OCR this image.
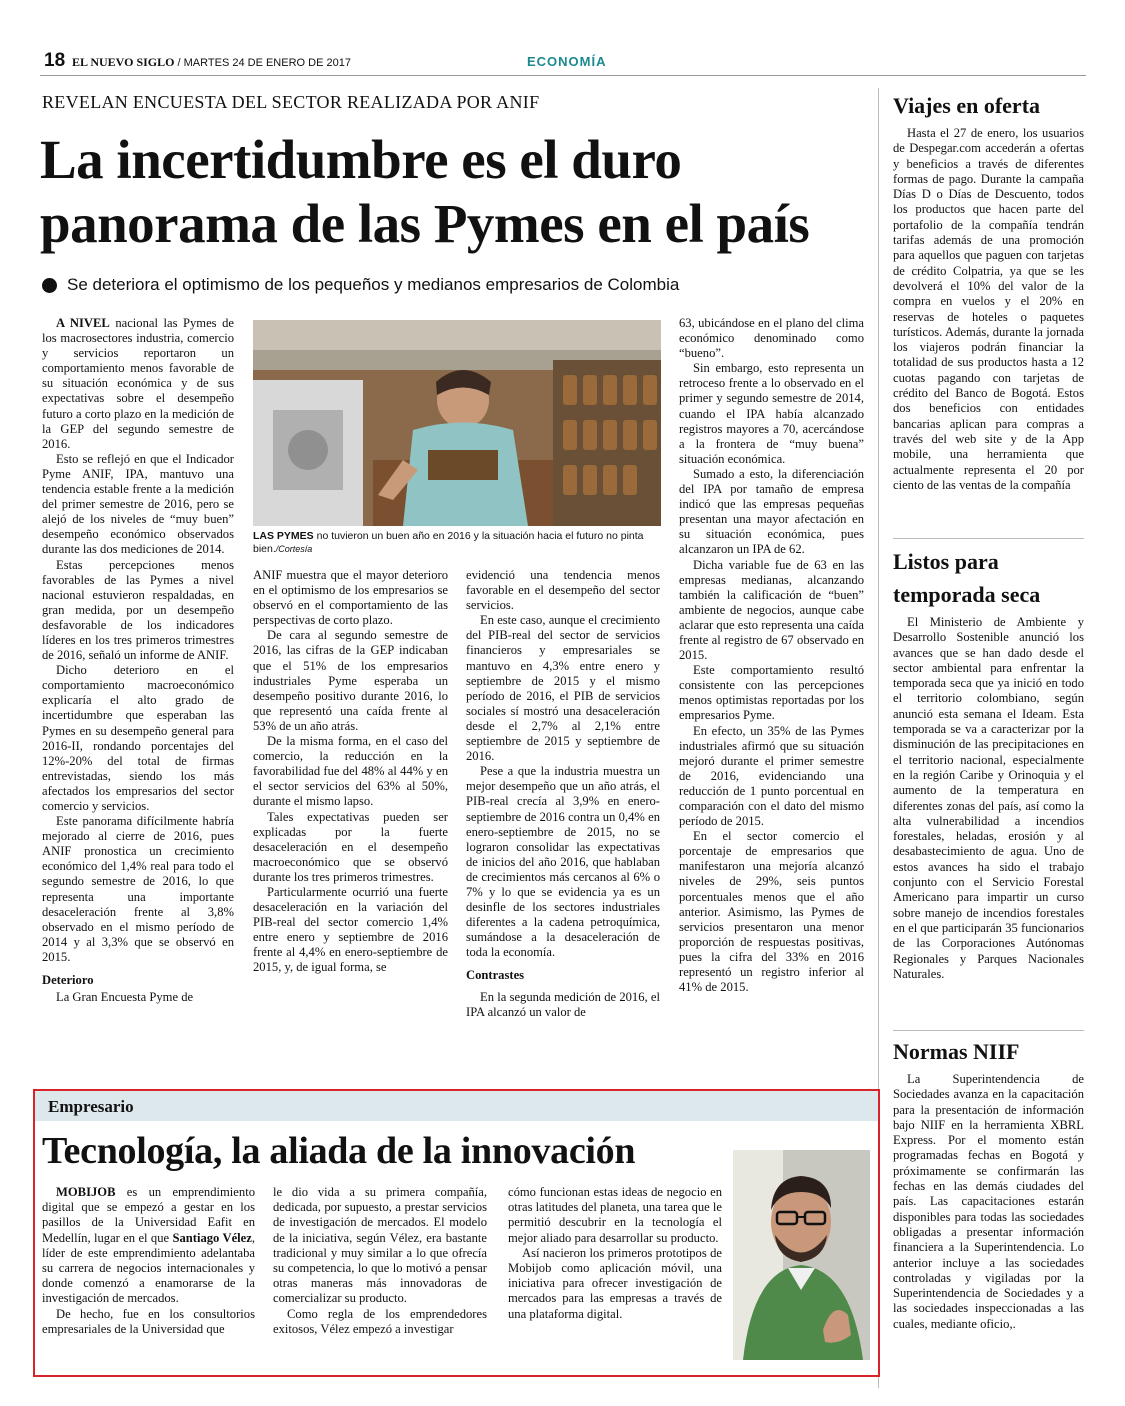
18 EL NUEVO SIGLO / MARTES 24 DE ENERO DE 2017	ECONOMÍA
REVELAN ENCUESTA DEL SECTOR REALIZADA POR ANIF
La incertidumbre es el duro panorama de las Pymes en el país
Se deteriora el optimismo de los pequeños y medianos empresarios de Colombia

A NIVEL nacional las Pymes de los macrosectores industria, comercio y servicios reportaron un comportamiento menos favorable de su situación económica y de sus expectativas sobre el desempeño futuro a corto plazo en la medición de la GEP del segundo semestre de 2016.

Esto se reflejó en que el Indicador Pyme ANIF, IPA, mantuvo una tendencia estable frente a la medición del primer semestre de 2016, pero se alejó de los niveles de “muy buen” desempeño económico observados durante las dos mediciones de 2014.

Estas percepciones menos favorables de las Pymes a nivel nacional estuvieron respaldadas, en gran medida, por un desempeño desfavorable de los indicadores líderes en los tres primeros trimestres de 2016, señaló un informe de ANIF.

Dicho deterioro en el comportamiento macroeconómico explicaría el alto grado de incertidumbre que esperaban las Pymes en su desempeño general para 2016-II, rondando porcentajes del 12%-20% del total de firmas entrevistadas, siendo los más afectados los empresarios del sector comercio y servicios.

Este panorama difícilmente habría mejorado al cierre de 2016, pues ANIF pronostica un crecimiento económico del 1,4% real para todo el segundo semestre de 2016, lo que representa una importante desaceleración frente al 3,8% observado en el mismo período de 2014 y al 3,3% que se observó en 2015.

Deterioro

La Gran Encuesta Pyme de

LAS PYMES no tuvieron un buen año en 2016 y la situación hacia el futuro no pinta bien./Cortesía

ANIF muestra que el mayor deterioro en el optimismo de los empresarios se observó en el comportamiento de las perspectivas de corto plazo.

De cara al segundo semestre de 2016, las cifras de la GEP indicaban que el 51% de los empresarios industriales Pyme esperaba un desempeño positivo durante 2016, lo que representó una caída frente al 53% de un año atrás.

De la misma forma, en el caso del comercio, la reducción en la favorabilidad fue del 48% al 44% y en el sector servicios del 63% al 50%, durante el mismo lapso.

Tales expectativas pueden ser explicadas por la fuerte desaceleración en el desempeño macroeconómico que se observó durante los tres primeros trimestres.

Particularmente ocurrió una fuerte desaceleración en la variación del PIB-real del sector comercio 1,4% entre enero y septiembre de 2016 frente al 4,4% en enero-septiembre de 2015, y, de igual forma, se

evidenció una tendencia menos favorable en el desempeño del sector servicios.

En este caso, aunque el crecimiento del PIB-real del sector de servicios financieros y empresariales se mantuvo en 4,3% entre enero y septiembre de 2015 y el mismo período de 2016, el PIB de servicios sociales sí mostró una desaceleración desde el 2,7% al 2,1% entre septiembre de 2015 y septiembre de 2016.

Pese a que la industria muestra un mejor desempeño que un año atrás, el PIB-real crecía al 3,9% en enero-septiembre de 2016 contra un 0,4% en enero-septiembre de 2015, no se lograron consolidar las expectativas de inicios del año 2016, que hablaban de crecimientos más cercanos al 6% o 7% y lo que se evidencia ya es un desinfle de los sectores industriales diferentes a la cadena petroquímica, sumándose a la desaceleración de toda la economía.

Contrastes

En la segunda medición de 2016, el IPA alcanzó un valor de

63, ubicándose en el plano del clima económico denominado como “bueno”.

Sin embargo, esto representa un retroceso frente a lo observado en el primer y segundo semestre de 2014, cuando el IPA había alcanzado registros mayores a 70, acercándose a la frontera de “muy buena” situación económica.

Sumado a esto, la diferenciación del IPA por tamaño de empresa indicó que las empresas pequeñas presentan una mayor afectación en su situación económica, pues alcanzaron un IPA de 62.

Dicha variable fue de 63 en las empresas medianas, alcanzando también la calificación de “buen” ambiente de negocios, aunque cabe aclarar que esto representa una caída frente al registro de 67 observado en 2015.

Este comportamiento resultó consistente con las percepciones menos optimistas reportadas por los empresarios Pyme.

En efecto, un 35% de las Pymes industriales afirmó que su situación mejoró durante el primer semestre de 2016, evidenciando una reducción de 1 punto porcentual en comparación con el dato del mismo período de 2015.

En el sector comercio el porcentaje de empresarios que manifestaron una mejoría alcanzó niveles de 29%, seis puntos porcentuales menos que el año anterior. Asimismo, las Pymes de servicios presentaron una menor proporción de respuestas positivas, pues la cifra del 33% en 2016 representó un registro inferior al 41% de 2015.

Viajes en oferta

Hasta el 27 de enero, los usuarios de Despegar.com accederán a ofertas y beneficios a través de diferentes formas de pago. Durante la campaña Días D o Días de Descuento, todos los productos que hacen parte del portafolio de la compañía tendrán tarifas además de una promoción para aquellos que paguen con tarjetas de crédito Colpatria, ya que se les devolverá el 10% del valor de la compra en vuelos y el 20% en reservas de hoteles o paquetes turísticos. Además, durante la jornada los viajeros podrán financiar la totalidad de sus productos hasta a 12 cuotas pagando con tarjetas de crédito del Banco de Bogotá. Estos dos beneficios con entidades bancarias aplican para compras a través del web site y de la App mobile, una herramienta que actualmente representa el 20 por ciento de las ventas de la compañía

Listos para
temporada seca

El Ministerio de Ambiente y Desarrollo Sostenible anunció los avances que se han dado desde el sector ambiental para enfrentar la temporada seca que ya inició en todo el territorio colombiano, según anunció esta semana el Ideam. Esta temporada se va a caracterizar por la disminución de las precipitaciones en el territorio nacional, especialmente en la región Caribe y Orinoquia y el aumento de la temperatura en diferentes zonas del país, así como la alta vulnerabilidad a incendios forestales, heladas, erosión y al desabastecimiento de agua. Uno de estos avances ha sido el trabajo conjunto con el Servicio Forestal Americano para impartir un curso sobre manejo de incendios forestales en el que participarán 35 funcionarios de las Corporaciones Autónomas Regionales y Parques Nacionales Naturales.

Normas NIIF

La Superintendencia de Sociedades avanza en la capacitación para la presentación de información bajo NIIF en la herramienta XBRL Express. Por el momento están programadas fechas en Bogotá y próximamente se confirmarán las fechas en las demás ciudades del país. Las capacitaciones estarán disponibles para todas las sociedades obligadas a presentar información financiera a la Superintendencia. Lo anterior incluye a las sociedades controladas y vigiladas por la Superintendencia de Sociedades y a las sociedades inspeccionadas a las cuales, mediante oficio,.

Empresario
Tecnología, la aliada de la innovación

MOBIJOB es un emprendimiento digital que se empezó a gestar en los pasillos de la Universidad Eafit en Medellín, lugar en el que Santiago Vélez, líder de este emprendimiento adelantaba su carrera de negocios internacionales y donde comenzó a enamorarse de la investigación de mercados.

De hecho, fue en los consultorios empresariales de la Universidad que

le dio vida a su primera compañía, dedicada, por supuesto, a prestar servicios de investigación de mercados. El modelo de la iniciativa, según Vélez, era bastante tradicional y muy similar a lo que ofrecía su competencia, lo que lo motivó a pensar otras maneras más innovadoras de comercializar su producto.

Como regla de los emprendedores exitosos, Vélez empezó a investigar

cómo funcionan estas ideas de negocio en otras latitudes del planeta, una tarea que le permitió descubrir en la tecnología el mejor aliado para desarrollar su producto.

Así nacieron los primeros prototipos de Mobijob como aplicación móvil, una iniciativa para ofrecer investigación de mercados para las empresas a través de una plataforma digital.
